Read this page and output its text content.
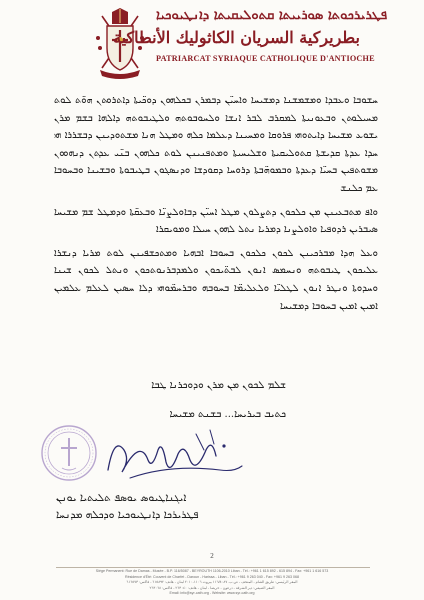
ܦܛܪܝܪܟܘܬܐ ܣܘܪܝܝܬܐ ܩܬܘܠܝܩܝܬܐ ܕܐܢܛܝܘܟܝܐ
بطريركية السريان الكاثوليك الأنطاكية
PATRIARCAT SYRIAQUE CATHOLIQUE D'ANTIOCHE

ܚܫܘܒܐ ܘܥܒܕܐ ܘܡܫܡܫܢܐ ܕܡܫܝܚܐ ܘܐܚܝ̈ܢ ܕܒܡܪܢ ܒܟܠܗܘܢ ܕܘܟ̈ܝܬܐ ܕܐܬܪܘܬܢ ܗܘ̈ܬ ܠܘܬ ܡܚܝܠܘܬܢ ܘܒܥܘܢܝܬܐ ܠܡܩܪܒ ܠܒܪ ܐܢܫܐ ܘܠܚܘܒܘܬܗ ܘܠܛܝܒܘܬܗ ܕܐܠܗܐ ܒܫܡ ܡܪܢ ܝܫܘܥ ܡܫܝܚܐ ܕܐܝܬܘܗܝ ܦܪܘܩܐ ܘܡܚܝܢܐ ܕܥܠܡܐ ܟܠܗ ܘܡܛܠ ܗܢܐ ܡܫܬܘܕܝܢܢ ܕܒܫܪܪܐ ܗܝ ܚܕܐ ܥܕܬܐ ܩܕܝܫܬܐ ܩܬܘܠܝܩܝܬܐ ܘܫܠܝܚܝܬܐ ܘܡܬܦܢܝܢܢ ܠܘܬ ܟܠܗܘܢ ܒܢ̈ܝ ܥܕܬܢ ܕܢܗܘܘܢ ܡܫܘܬܦܝܢ ܒܚܝ̈ܐ ܕܥܕܬܐ ܘܒܡܘܗ̈ܒܬܐ ܕܪܘܚܐ ܕܩܘܕܫܐ ܘܕܢܣܓܘܢ ܒܛܝܒܘܬܐ ܘܒܫܝܢܐ ܘܒܚܘܒܐ ܥܡ ܟܠܢܫ

ܘܐܦ ܡܬܒܥܝܢܢ ܡܢ ܟܠܟܘܢ ܕܬܨܠܘܢ ܡܛܠ ܐܚܝ̈ܢ ܕܒܐܘܠܨܢ̈ܐ ܘܒܥܩ̈ܬܐ ܘܕܡܛܠ ܫܡ ܡܫܝܚܐ ܣܝܒܪܝܢ ܪܕܘܦܝܐ ܘܐܘܠܨܢܐ ܕܡܪܝܐ ܢܬܠ ܠܗܘܢ ܚܝܠܐ ܘܡܘܝܩܪܐ

ܘܥܠ ܗܕܐ ܡܒܪܟܝܢܢ ܠܟܘܢ ܟܠܟܘܢ ܒܚܘܒܐ ܐܒܗܝܐ ܘܡܬܟܫܦܝܢܢ ܠܘܬ ܡܪܝܐ ܕܢܫܪܐ ܥܠܝܟܘܢ ܛܝܒܘܬܗ ܘܢܚܡܣ ܐܢܘܢ ܠܒܬ̈ܝܟܘܢ ܘܠܡܕܒܪܢܘܬܟܘܢ ܘܢܬܠ ܠܟܘܢ ܫܝܢܐ ܘܚܕܘܬܐ ܘܢܛܪ ܐܢܘܢ ܠܛܠܝ̈ܐ ܘܠܥܠܝܡ̈ܐ ܒܚܘܒܗ ܘܒܪܚܡ̈ܘܗܝ ܕܠܐ ܚܣܝܢ ܠܥܠܡ ܥܠܡܝܢ ܐܡܝܢ ܐܡܝܢ ܒܚܘܒܐ ܕܡܫܝܚܐ

ܫܠܡ ܠܟܘܢ ܡܢ ܡܪܢ ܘܕܘܟܪܢܐ ܛܒܐ
ܟܬܝܒ ܒܝܪܝܚܐ... ܒܫܢܬ ܡܫܝܚܐ
ܐܝܓܢܐܛܝܘܣ ܝܘܣܦ ܬܠܝܬܝܐ ܝܘܢܢ
ܦܛܪܝܪܟܐ ܕܐܢܛܝܘܟܝܐ ܘܕܟܠܗ ܡܕܢܚܐ
2
Siège Permanent: Rue de Damas - Musée - B.P. 116/5087 - BEYROUTH 1106-2010 Liban - Tél.: +961 1 615 892 - 615 894 - Fax: +961 1 616 573
Résidence d'Été: Couvent de Charfet - Daroun - Harissa - Liban - Tél.: +961 9 263 040 - Fax: +961 9 263 068
المقر الرئيسي: طريق الشام - المتحف - ص.ب. ١١٦/٥٠٨٧ بيروت ١١٠٦-٢٠١٠ لبنان - هاتف: ٦١٥٨٩٢ - فاكس: ٦١٦٥٧٣
المقر الصيفي: دير الشرفة - درعون - حريصا - لبنان - هاتف: ٢٦٣٠٤٠ - فاكس: ٢٦٣٠٦٨
Email: info@syr-cath.org - Website: www.syr-cath.org
